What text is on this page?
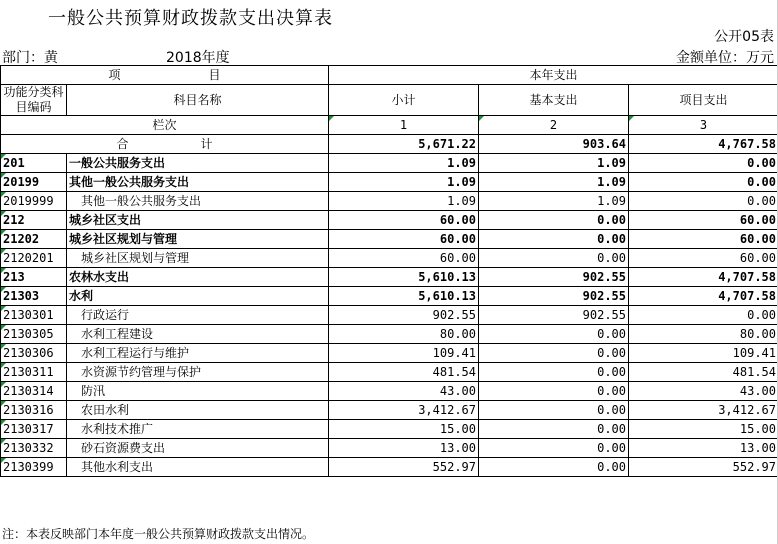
一般公共预算财政拨款支出决算表
公开05表
部门：黄	2018年度	金额单位：万元
项 目		本年支出		
功能分类科目编码	科目名称	小计	基本支出	项目支出
栏次		1	2	3
合 计		5,671.22	903.64	4,767.58

201	一般公共服务支出	1.09	1.09	0.00

20199	其他一般公共服务支出	1.09	1.09	0.00

2019999	其他一般公共服务支出	1.09	1.09	0.00

212	城乡社区支出	60.00	0.00	60.00

21202	城乡社区规划与管理	60.00	0.00	60.00

2120201	城乡社区规划与管理	60.00	0.00	60.00

213	农林水支出	5,610.13	902.55	4,707.58

21303	水利	5,610.13	902.55	4,707.58

2130301	行政运行	902.55	902.55	0.00

2130305	水利工程建设	80.00	0.00	80.00

2130306	水利工程运行与维护	109.41	0.00	109.41

2130311	水资源节约管理与保护	481.54	0.00	481.54

2130314	防汛	43.00	0.00	43.00

2130316	农田水利	3,412.67	0.00	3,412.67

2130317	水利技术推广	15.00	0.00	15.00

2130332	砂石资源费支出	13.00	0.00	13.00

2130399	其他水利支出	552.97	0.00	552.97
注：本表反映部门本年度一般公共预算财政拨款支出情况。
